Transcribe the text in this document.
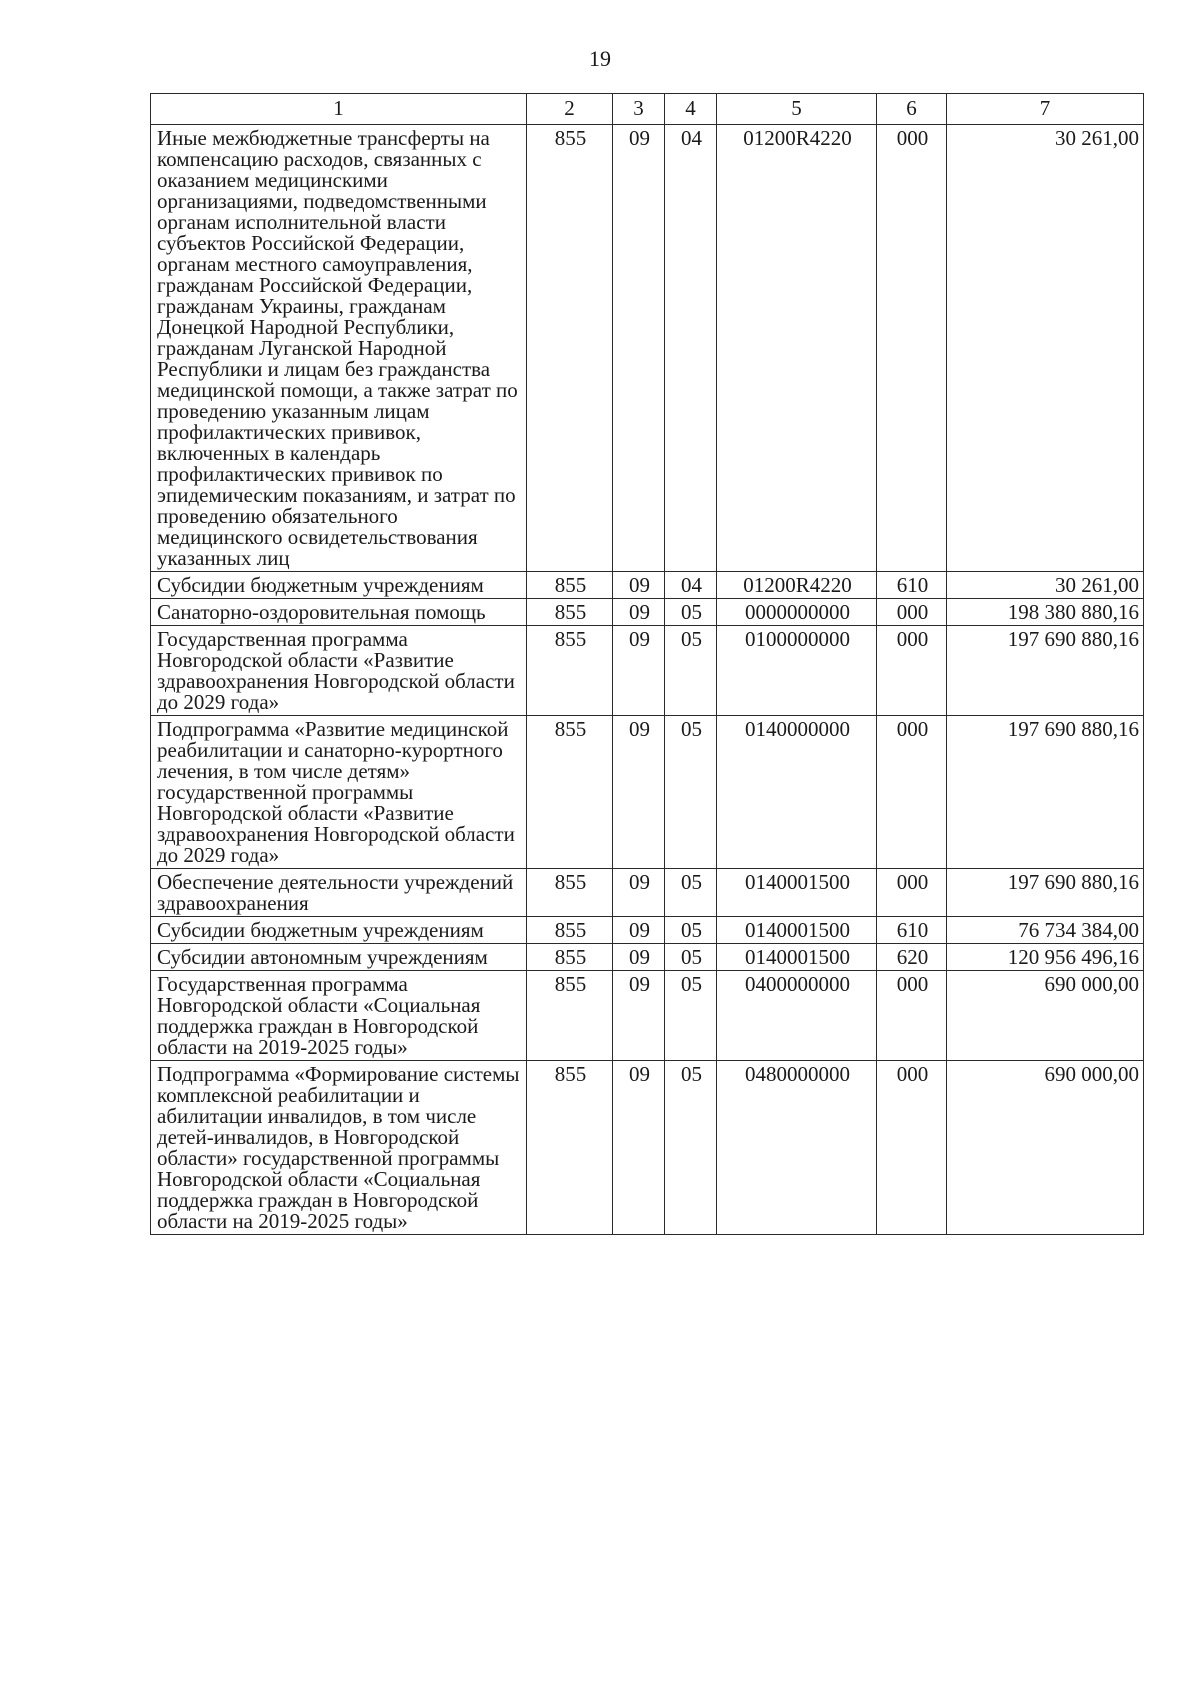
19
1	2	3	4	5	6	7
Иные межбюджетные трансферты на компенсацию расходов, связанных с оказанием медицинскими организациями, подведомственными органам исполнительной власти субъектов Российской Федерации, органам местного самоуправления, гражданам Российской Федерации, гражданам Украины, гражданам Донецкой Народной Республики, гражданам Луганской Народной Республики и лицам без гражданства медицинской помощи, а также затрат по проведению указанным лицам профилактических прививок, включенных в календарь профилактических прививок по эпидемическим показаниям, и затрат по проведению обязательного медицинского освидетельствования указанных лиц	855	09	04	01200R4220	000	30 261,00
Субсидии бюджетным учреждениям	855	09	04	01200R4220	610	30 261,00
Санаторно-оздоровительная помощь	855	09	05	0000000000	000	198 380 880,16
Государственная программа Новгородской области «Развитие здравоохранения Новгородской области до 2029 года»	855	09	05	0100000000	000	197 690 880,16
Подпрограмма «Развитие медицинской реабилитации и санаторно-курортного лечения, в том числе детям» государственной программы Новгородской области «Развитие здравоохранения Новгородской области до 2029 года»	855	09	05	0140000000	000	197 690 880,16
Обеспечение деятельности учреждений здравоохранения	855	09	05	0140001500	000	197 690 880,16
Субсидии бюджетным учреждениям	855	09	05	0140001500	610	76 734 384,00
Субсидии автономным учреждениям	855	09	05	0140001500	620	120 956 496,16
Государственная программа Новгородской области «Социальная поддержка граждан в Новгородской области на 2019-2025 годы»	855	09	05	0400000000	000	690 000,00
Подпрограмма «Формирование системы комплексной реабилитации и абилитации инвалидов, в том числе детей-инвалидов, в Новгородской области» государственной программы Новгородской области «Социальная поддержка граждан в Новгородской области на 2019-2025 годы»	855	09	05	0480000000	000	690 000,00
